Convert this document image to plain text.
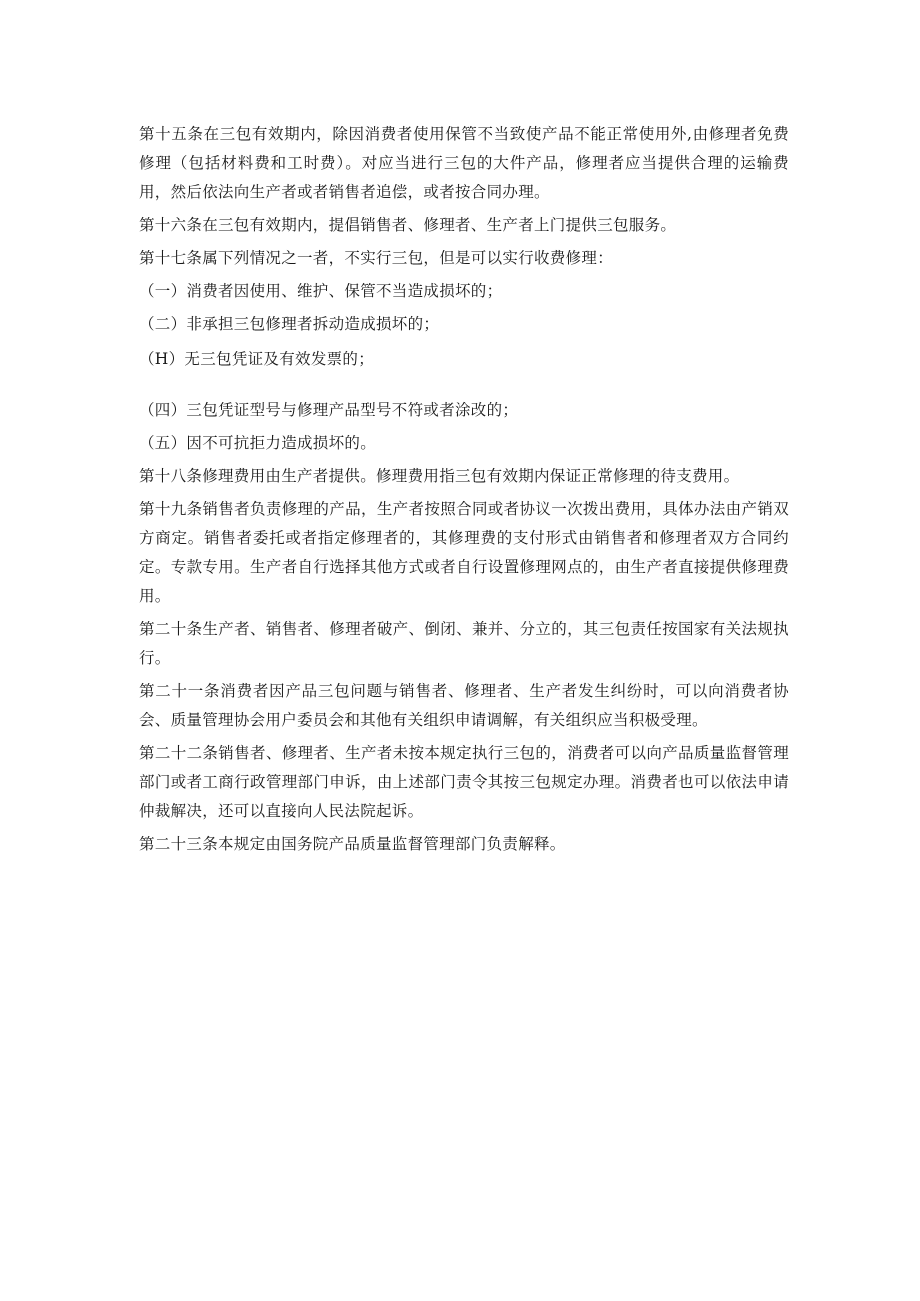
第十五条在三包有效期内，除因消费者使用保管不当致使产品不能正常使用外,由修理者免费修理（包括材料费和工时费）。对应当进行三包的大件产品，修理者应当提供合理的运输费用，然后依法向生产者或者销售者追偿，或者按合同办理。

第十六条在三包有效期内，提倡销售者、修理者、生产者上门提供三包服务。

第十七条属下列情况之一者，不实行三包，但是可以实行收费修理：

（一）消费者因使用、维护、保管不当造成损坏的；

（二）非承担三包修理者拆动造成损坏的；

（H）无三包凭证及有效发票的；

（四）三包凭证型号与修理产品型号不符或者涂改的；

（五）因不可抗拒力造成损坏的。

第十八条修理费用由生产者提供。修理费用指三包有效期内保证正常修理的待支费用。

第十九条销售者负责修理的产品，生产者按照合同或者协议一次拨出费用，具体办法由产销双方商定。销售者委托或者指定修理者的，其修理费的支付形式由销售者和修理者双方合同约定。专款专用。生产者自行选择其他方式或者自行设置修理网点的，由生产者直接提供修理费用。

第二十条生产者、销售者、修理者破产、倒闭、兼并、分立的，其三包责任按国家有关法规执行。

第二十一条消费者因产品三包问题与销售者、修理者、生产者发生纠纷时，可以向消费者协会、质量管理协会用户委员会和其他有关组织申请调解，有关组织应当积极受理。

第二十二条销售者、修理者、生产者未按本规定执行三包的，消费者可以向产品质量监督管理部门或者工商行政管理部门申诉，由上述部门责令其按三包规定办理。消费者也可以依法申请仲裁解决，还可以直接向人民法院起诉。

第二十三条本规定由国务院产品质量监督管理部门负责解释。
